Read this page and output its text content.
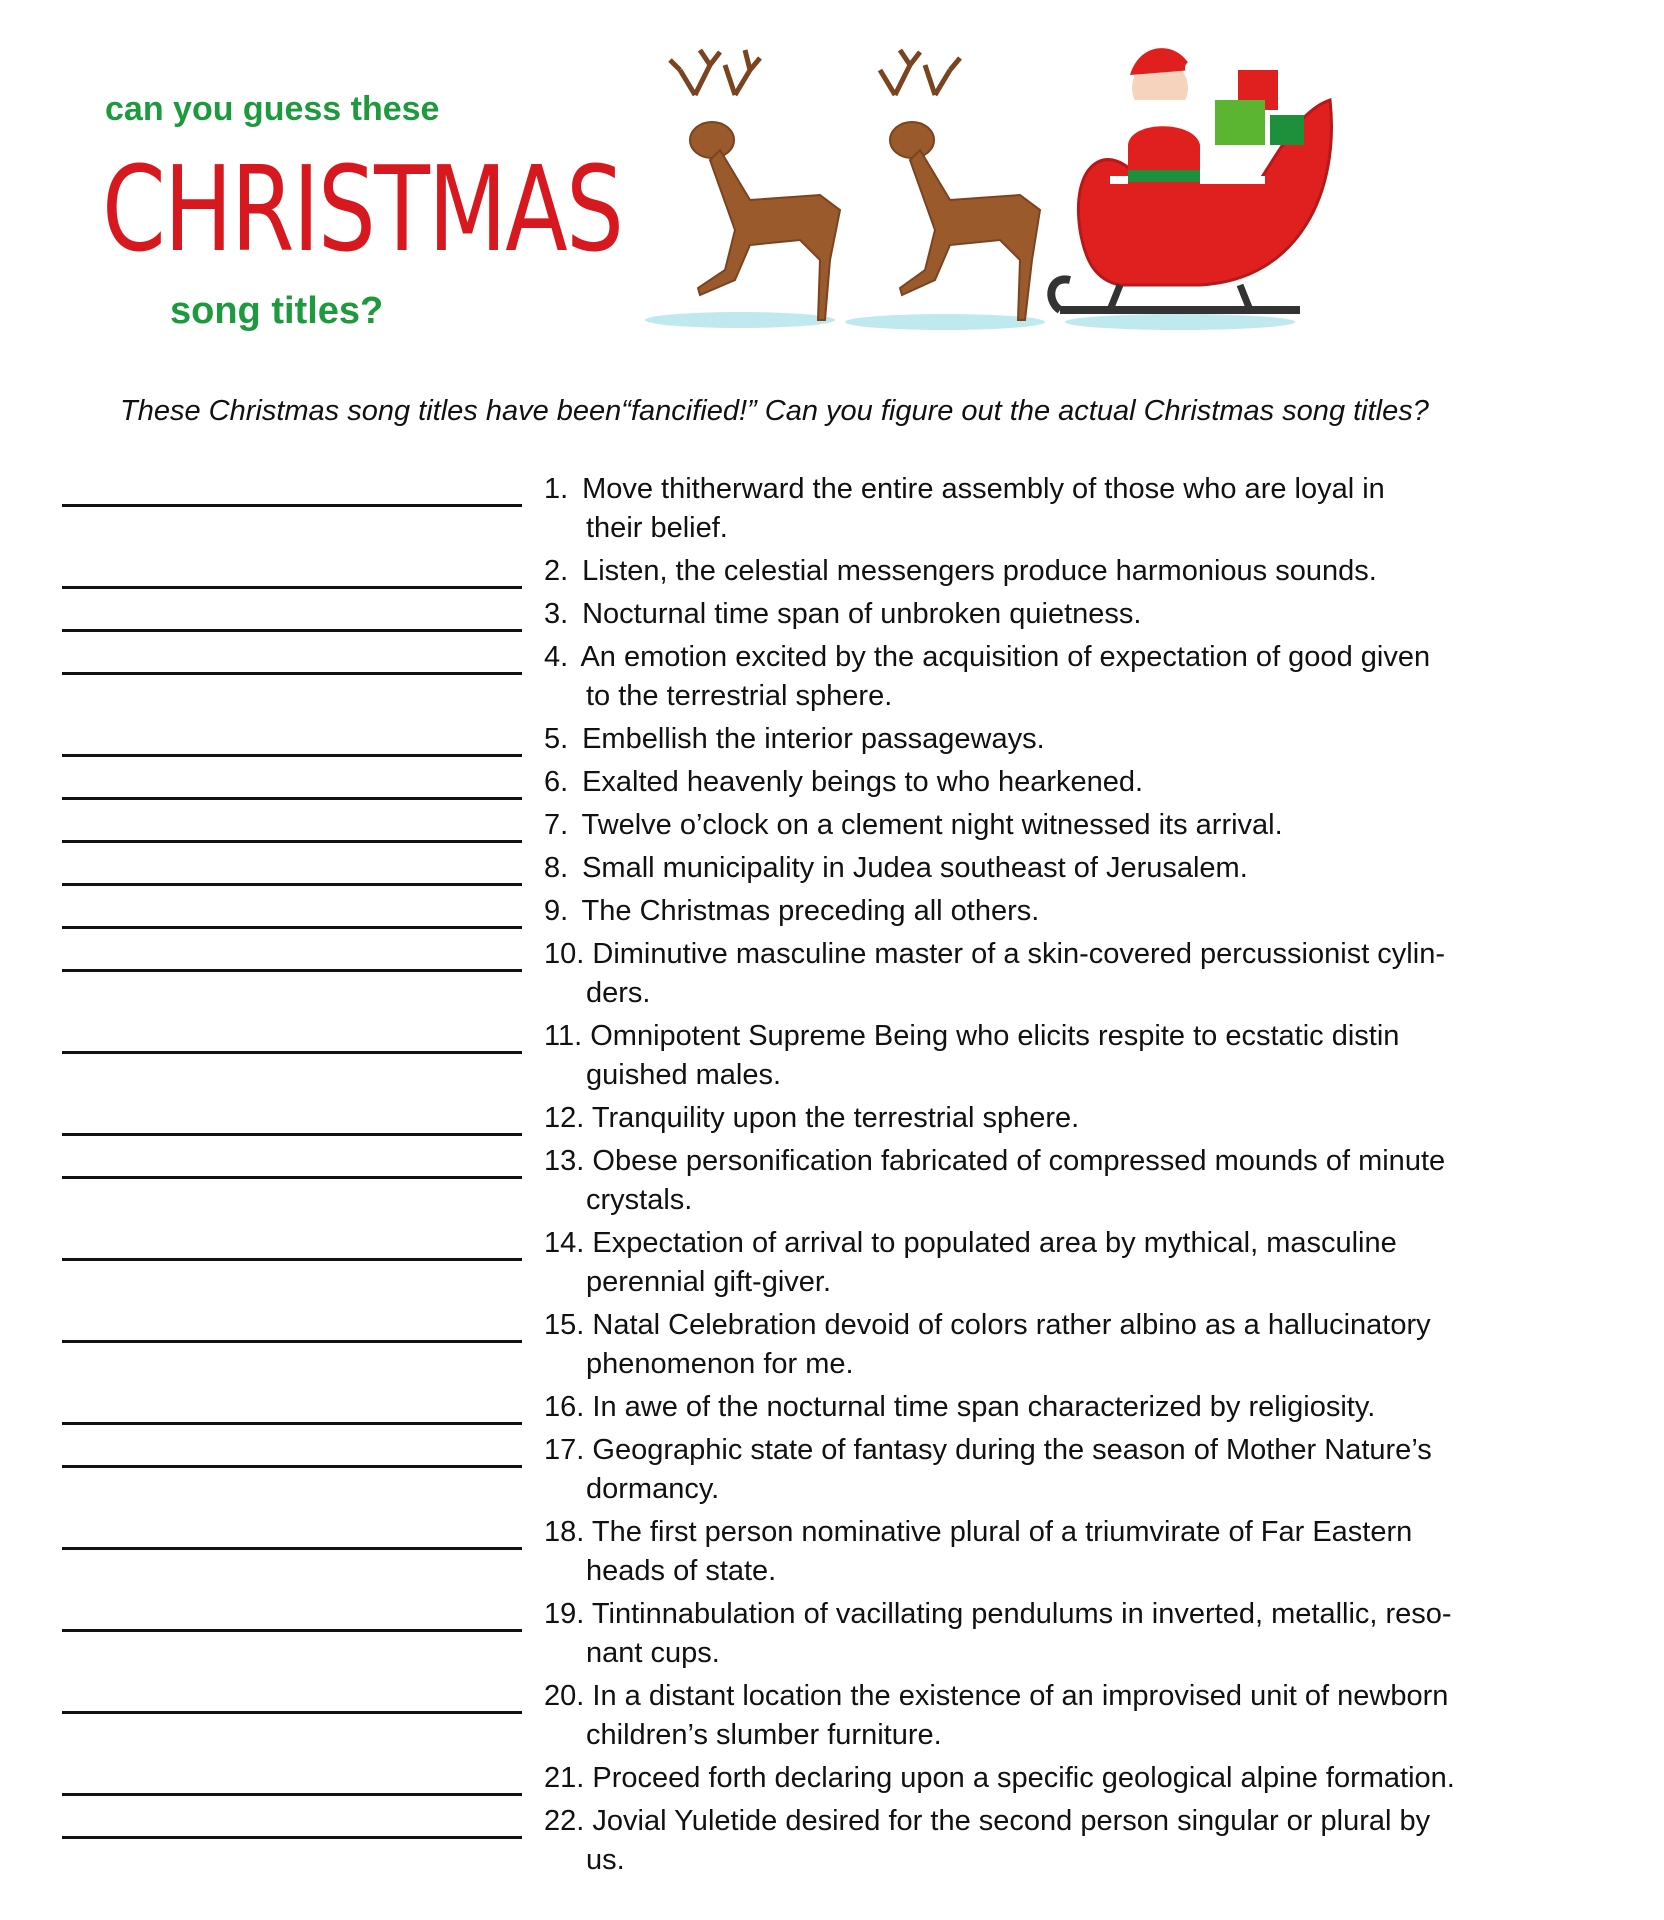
can you guess these
CHRISTMAS
song titles?
These Christmas song titles have been“fancified!” Can you figure out the actual Christmas song titles?
1. Move thitherward the entire assembly of those who are loyal in
their belief.
2. Listen, the celestial messengers produce harmonious sounds.
3. Nocturnal time span of unbroken quietness.
4. An emotion excited by the acquisition of expectation of good given
to the terrestrial sphere.
5. Embellish the interior passageways.
6. Exalted heavenly beings to who hearkened.
7. Twelve o’clock on a clement night witnessed its arrival.
8. Small municipality in Judea southeast of Jerusalem.
9. The Christmas preceding all others.
10. Diminutive masculine master of a skin-covered percussionist cylin-
ders.
11. Omnipotent Supreme Being who elicits respite to ecstatic distin
guished males.
12. Tranquility upon the terrestrial sphere.
13. Obese personification fabricated of compressed mounds of minute
crystals.
14. Expectation of arrival to populated area by mythical, masculine
perennial gift-giver.
15. Natal Celebration devoid of colors rather albino as a hallucinatory
phenomenon for me.
16. In awe of the nocturnal time span characterized by religiosity.
17. Geographic state of fantasy during the season of Mother Nature’s
dormancy.
18. The first person nominative plural of a triumvirate of Far Eastern
heads of state.
19. Tintinnabulation of vacillating pendulums in inverted, metallic, reso-
nant cups.
20. In a distant location the existence of an improvised unit of newborn
children’s slumber furniture.
21. Proceed forth declaring upon a specific geological alpine formation.
22. Jovial Yuletide desired for the second person singular or plural by
us.
